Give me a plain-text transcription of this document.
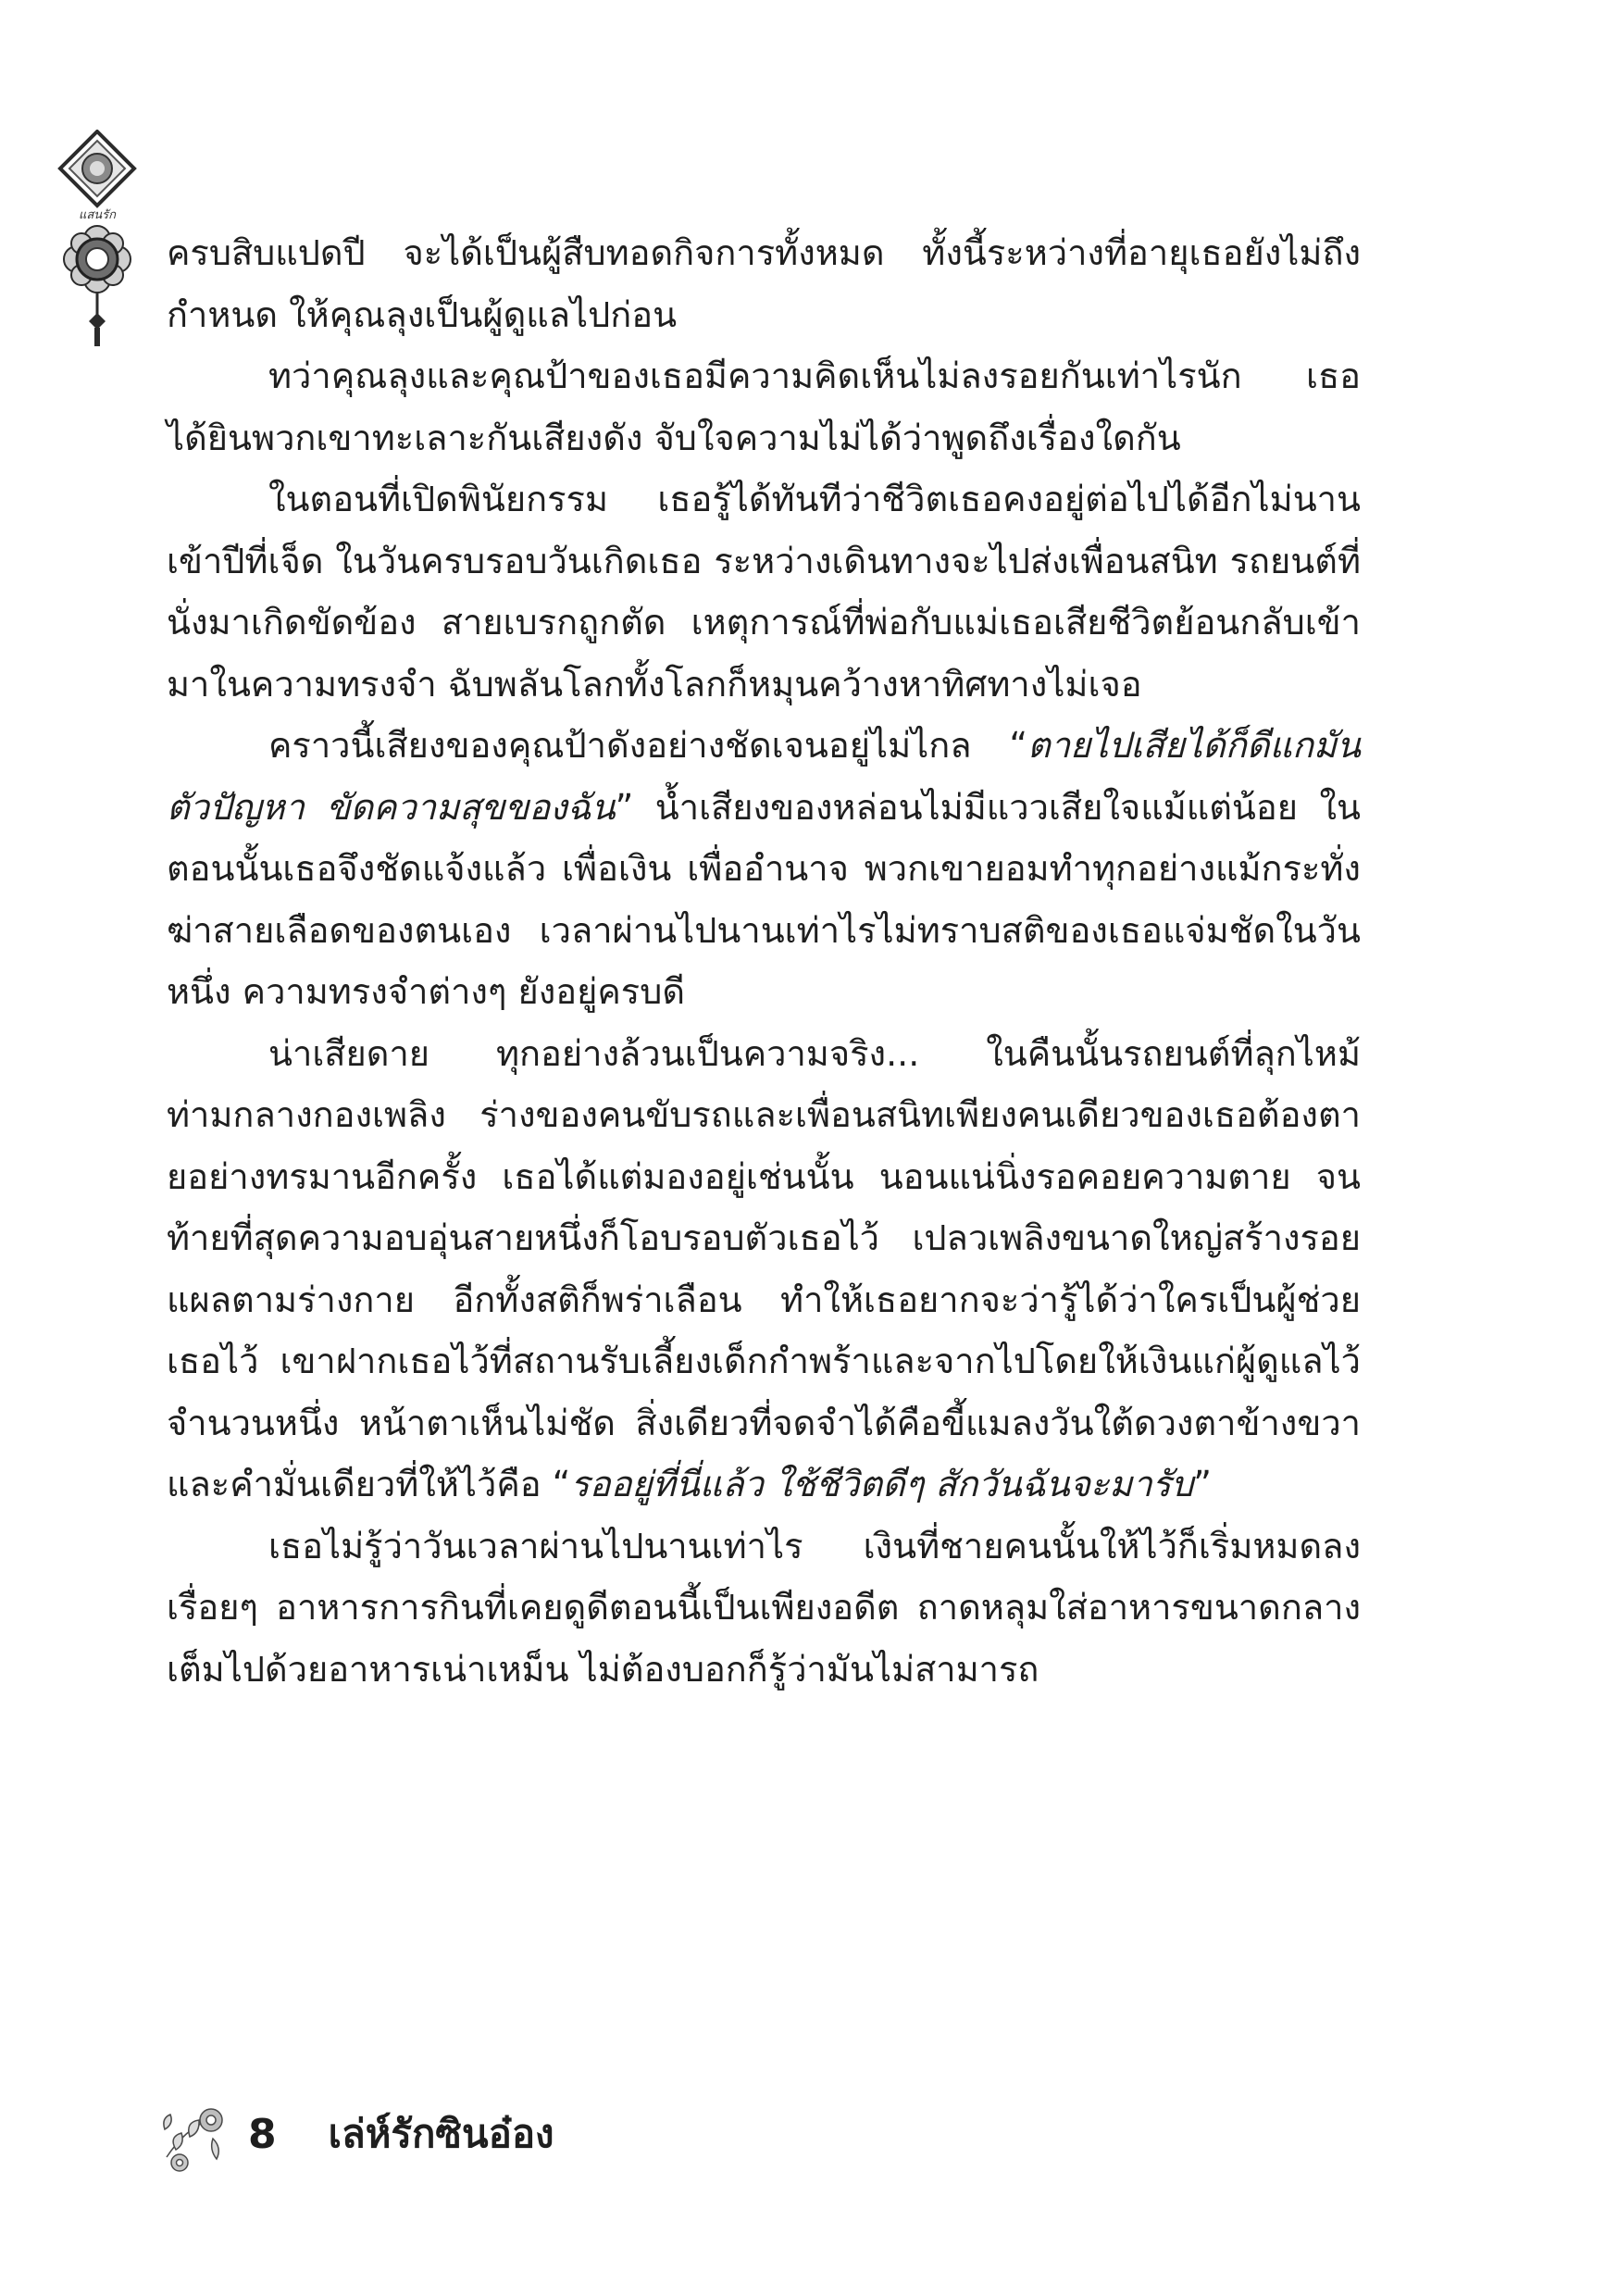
แสนรัก

ครบสิบแปดปี จะได้เป็นผู้สืบทอดกิจการทั้งหมด ทั้งนี้ระหว่างที่อายุเธอยังไม่ถึงกำหนด ให้คุณลุงเป็นผู้ดูแลไปก่อน

ทว่าคุณลุงและคุณป้าของเธอมีความคิดเห็นไม่ลงรอยกันเท่าไรนัก เธอได้ยินพวกเขาทะเลาะกันเสียงดัง จับใจความไม่ได้ว่าพูดถึงเรื่องใดกัน

ในตอนที่เปิดพินัยกรรม เธอรู้ได้ทันทีว่าชีวิตเธอคงอยู่ต่อไปได้อีกไม่นาน เข้าปีที่เจ็ด ในวันครบรอบวันเกิดเธอ ระหว่างเดินทางจะไปส่งเพื่อนสนิท รถยนต์ที่นั่งมาเกิดขัดข้อง สายเบรกถูกตัด เหตุการณ์ที่พ่อกับแม่เธอเสียชีวิตย้อนกลับเข้ามาในความทรงจำ ฉับพลันโลกทั้งโลกก็หมุนคว้างหาทิศทางไม่เจอ

คราวนี้เสียงของคุณป้าดังอย่างชัดเจนอยู่ไม่ไกล “ตายไปเสียได้ก็ดีแกมันตัวปัญหา ขัดความสุขของฉัน” น้ำเสียงของหล่อนไม่มีแววเสียใจแม้แต่น้อย ในตอนนั้นเธอจึงชัดแจ้งแล้ว เพื่อเงิน เพื่ออำนาจ พวกเขายอมทำทุกอย่างแม้กระทั่งฆ่าสายเลือดของตนเอง เวลาผ่านไปนานเท่าไรไม่ทราบสติของเธอแจ่มชัดในวันหนึ่ง ความทรงจำต่างๆ ยังอยู่ครบดี

น่าเสียดาย ทุกอย่างล้วนเป็นความจริง... ในคืนนั้นรถยนต์ที่ลุกไหม้ท่ามกลางกองเพลิง ร่างของคนขับรถและเพื่อนสนิทเพียงคนเดียวของเธอต้องตายอย่างทรมานอีกครั้ง เธอได้แต่มองอยู่เช่นนั้น นอนแน่นิ่งรอคอยความตาย จนท้ายที่สุดความอบอุ่นสายหนึ่งก็โอบรอบตัวเธอไว้ เปลวเพลิงขนาดใหญ่สร้างรอยแผลตามร่างกาย อีกทั้งสติก็พร่าเลือน ทำให้เธอยากจะว่ารู้ได้ว่าใครเป็นผู้ช่วยเธอไว้ เขาฝากเธอไว้ที่สถานรับเลี้ยงเด็กกำพร้าและจากไปโดยให้เงินแก่ผู้ดูแลไว้จำนวนหนึ่ง หน้าตาเห็นไม่ชัด สิ่งเดียวที่จดจำได้คือขี้แมลงวันใต้ดวงตาข้างขวา และคำมั่นเดียวที่ให้ไว้คือ “รออยู่ที่นี่แล้ว ใช้ชีวิตดีๆ สักวันฉันจะมารับ”

เธอไม่รู้ว่าวันเวลาผ่านไปนานเท่าไร เงินที่ชายคนนั้นให้ไว้ก็เริ่มหมดลงเรื่อยๆ อาหารการกินที่เคยดูดีตอนนี้เป็นเพียงอดีต ถาดหลุมใส่อาหารขนาดกลางเต็มไปด้วยอาหารเน่าเหม็น ไม่ต้องบอกก็รู้ว่ามันไม่สามารถ

8 เล่ห์รักซินอ๋อง
